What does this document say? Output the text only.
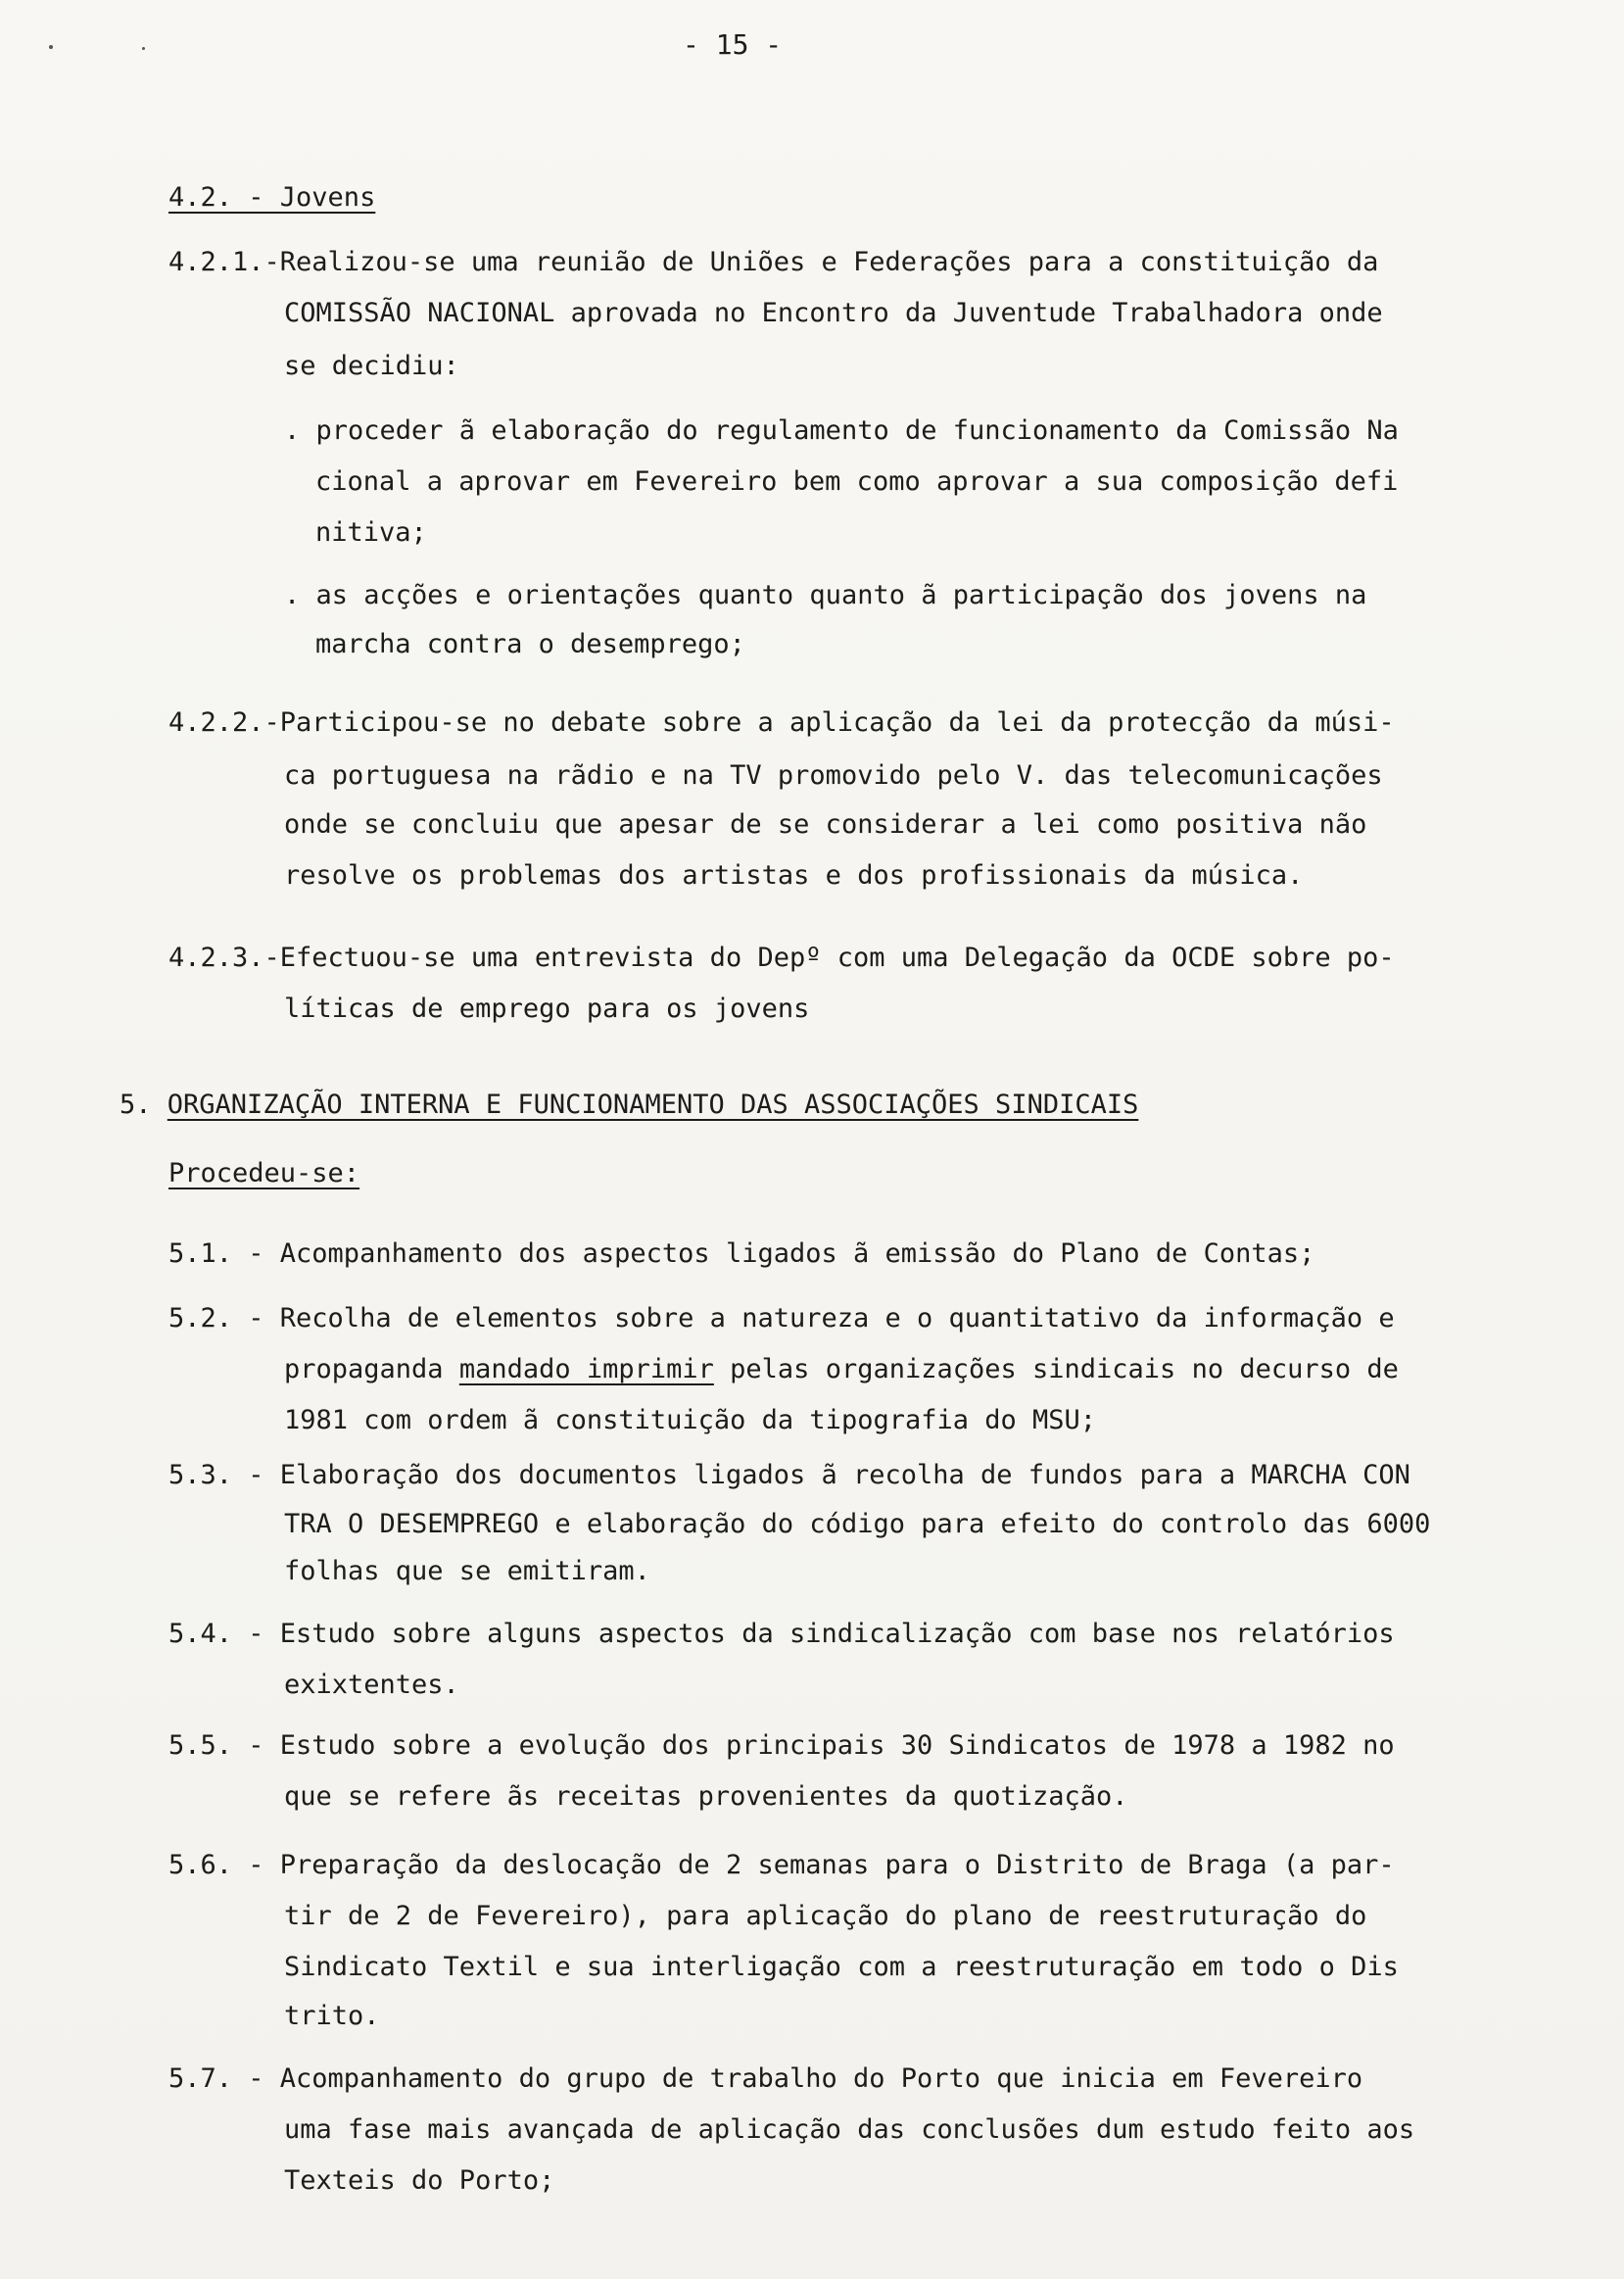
- 15 -
4.2. - Jovens
4.2.1.-Realizou-se uma reunião de Uniões e Federações para a constituição da
COMISSÃO NACIONAL aprovada no Encontro da Juventude Trabalhadora onde
se decidiu:
. proceder ã elaboração do regulamento de funcionamento da Comissão Na
cional a aprovar em Fevereiro bem como aprovar a sua composição defi
nitiva;
. as acções e orientações quanto quanto ã participação dos jovens na
marcha contra o desemprego;
4.2.2.-Participou-se no debate sobre a aplicação da lei da protecção da músi-
ca portuguesa na rãdio e na TV promovido pelo V. das telecomunicações
onde se concluiu que apesar de se considerar a lei como positiva não
resolve os problemas dos artistas e dos profissionais da música.
4.2.3.-Efectuou-se uma entrevista do Depº com uma Delegação da OCDE sobre po-
líticas de emprego para os jovens
5. ORGANIZAÇÃO INTERNA E FUNCIONAMENTO DAS ASSOCIAÇÕES SINDICAIS
Procedeu-se:
5.1. - Acompanhamento dos aspectos ligados ã emissão do Plano de Contas;
5.2. - Recolha de elementos sobre a natureza e o quantitativo da informação e
propaganda mandado imprimir pelas organizações sindicais no decurso de
1981 com ordem ã constituição da tipografia do MSU;
5.3. - Elaboração dos documentos ligados ã recolha de fundos para a MARCHA CON
TRA O DESEMPREGO e elaboração do código para efeito do controlo das 6000
folhas que se emitiram.
5.4. - Estudo sobre alguns aspectos da sindicalização com base nos relatórios
exixtentes.
5.5. - Estudo sobre a evolução dos principais 30 Sindicatos de 1978 a 1982 no
que se refere ãs receitas provenientes da quotização.
5.6. - Preparação da deslocação de 2 semanas para o Distrito de Braga (a par-
tir de 2 de Fevereiro), para aplicação do plano de reestruturação do
Sindicato Textil e sua interligação com a reestruturação em todo o Dis
trito.
5.7. - Acompanhamento do grupo de trabalho do Porto que inicia em Fevereiro
uma fase mais avançada de aplicação das conclusões dum estudo feito aos
Texteis do Porto;
